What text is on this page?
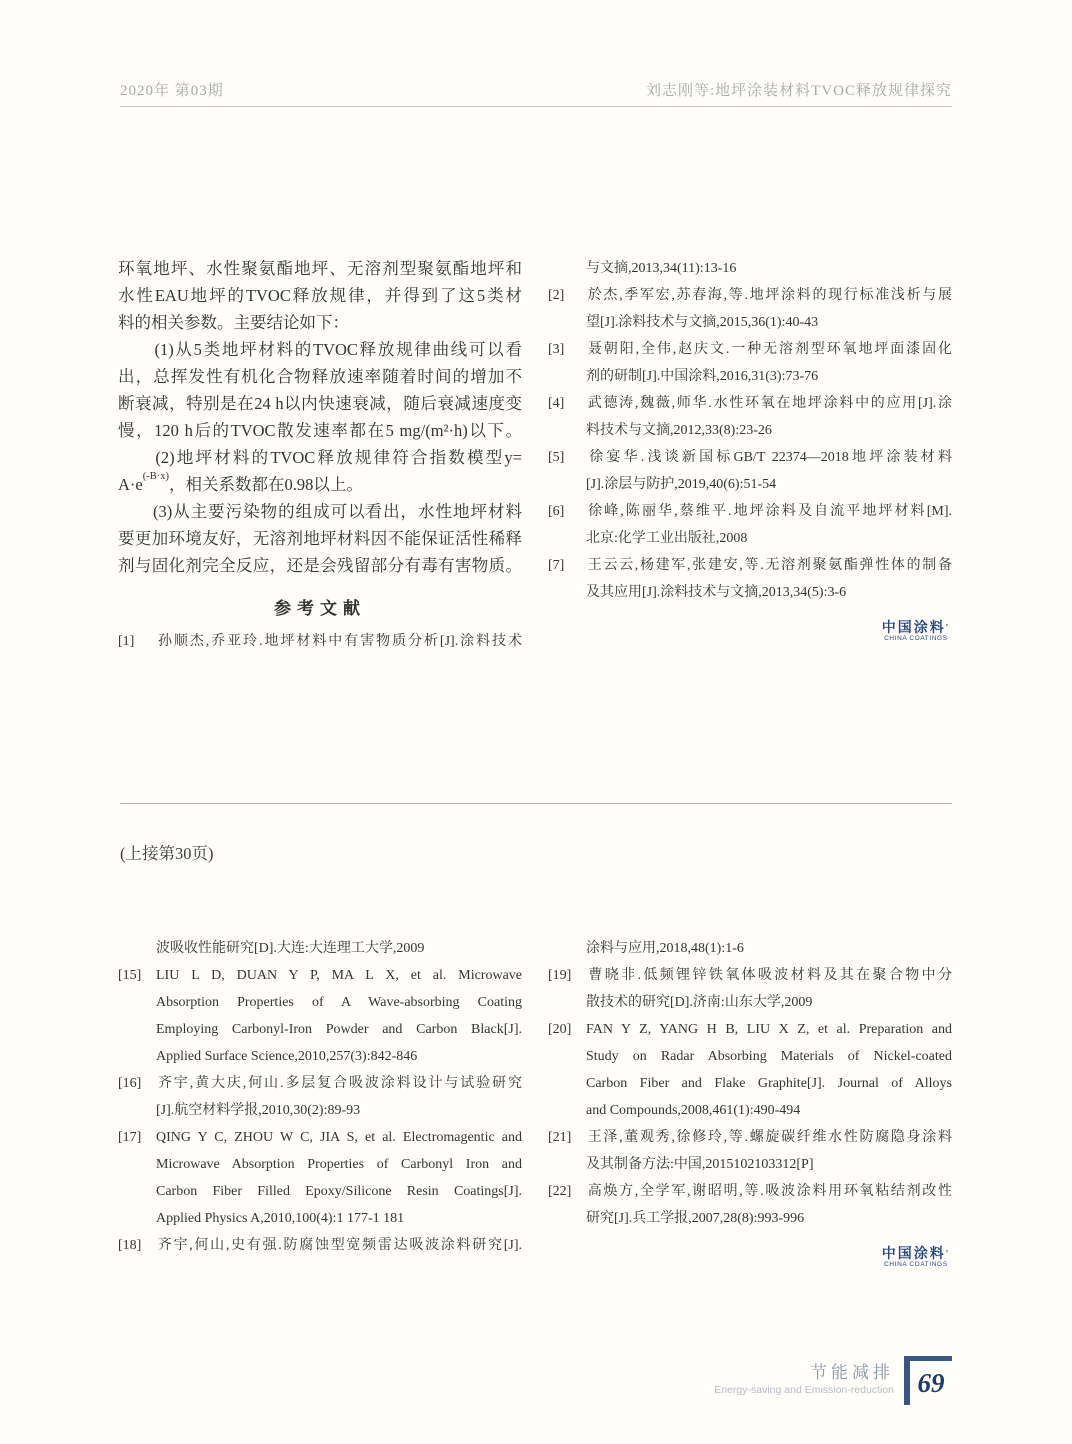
2020年 第03期	刘志刚等:地坪涂装材料TVOC释放规律探究
环氧地坪、水性聚氨酯地坪、无溶剂型聚氨酯地坪和
水性EAU地坪的TVOC释放规律，并得到了这5类材
料的相关参数。主要结论如下：
　　(1)从5类地坪材料的TVOC释放规律曲线可以看
出，总挥发性有机化合物释放速率随着时间的增加不
断衰减，特别是在24 h以内快速衰减，随后衰减速度变
慢，120 h后的TVOC散发速率都在5 mg/(m²·h)以下。
　　(2)地坪材料的TVOC释放规律符合指数模型y=
$A\cdot e^{(-B\cdot x)}$，相关系数都在0.98以上。
　　(3)从主要污染物的组成可以看出，水性地坪材料
要更加环境友好，无溶剂地坪材料因不能保证活性稀释
剂与固化剂完全反应，还是会残留部分有毒有害物质。
参考文献
[1] 孙顺杰,乔亚玲.地坪材料中有害物质分析[J].涂料技术
与文摘,2013,34(11):13-16
[2] 於杰,季军宏,苏春海,等.地坪涂料的现行标准浅析与展
望[J].涂料技术与文摘,2015,36(1):40-43
[3] 聂朝阳,全伟,赵庆文.一种无溶剂型环氧地坪面漆固化
剂的研制[J].中国涂料,2016,31(3):73-76
[4] 武德涛,魏薇,师华.水性环氧在地坪涂料中的应用[J].涂
料技术与文摘,2012,33(8):23-26
[5] 徐宴华.浅谈新国标GB/T 22374—2018地坪涂装材料
[J].涂层与防护,2019,40(6):51-54
[6] 徐峰,陈丽华,蔡维平.地坪涂料及自流平地坪材料[M].
北京:化学工业出版社,2008
[7] 王云云,杨建军,张建安,等.无溶剂聚氨酯弹性体的制备
及其应用[J].涂料技术与文摘,2013,34(5):3-6
中国涂料’
CHINA COATINGS
(上接第30页)
波吸收性能研究[D].大连:大连理工大学,2009
[15] LIU L D, DUAN Y P, MA L X, et al. Microwave
Absorption Properties of A Wave-absorbing Coating
Employing Carbonyl-Iron Powder and Carbon Black[J].
Applied Surface Science,2010,257(3):842-846
[16] 齐宇,黄大庆,何山.多层复合吸波涂料设计与试验研究
[J].航空材料学报,2010,30(2):89-93
[17] QING Y C, ZHOU W C, JIA S, et al. Electromagentic and
Microwave Absorption Properties of Carbonyl Iron and
Carbon Fiber Filled Epoxy/Silicone Resin Coatings[J].
Applied Physics A,2010,100(4):1 177-1 181
[18] 齐宇,何山,史有强.防腐蚀型宽频雷达吸波涂料研究[J].
涂料与应用,2018,48(1):1-6
[19] 曹晓非.低频锂锌铁氧体吸波材料及其在聚合物中分
散技术的研究[D].济南:山东大学,2009
[20] FAN Y Z, YANG H B, LIU X Z, et al. Preparation and
Study on Radar Absorbing Materials of Nickel-coated
Carbon Fiber and Flake Graphite[J]. Journal of Alloys
and Compounds,2008,461(1):490-494
[21] 王泽,董观秀,徐修玲,等.螺旋碳纤维水性防腐隐身涂料
及其制备方法:中国,2015102103312[P]
[22] 高焕方,全学军,谢昭明,等.吸波涂料用环氧粘结剂改性
研究[J].兵工学报,2007,28(8):993-996
中国涂料’
CHINA COATINGS
节能减排
Energy-saving and Emission-reduction 69
